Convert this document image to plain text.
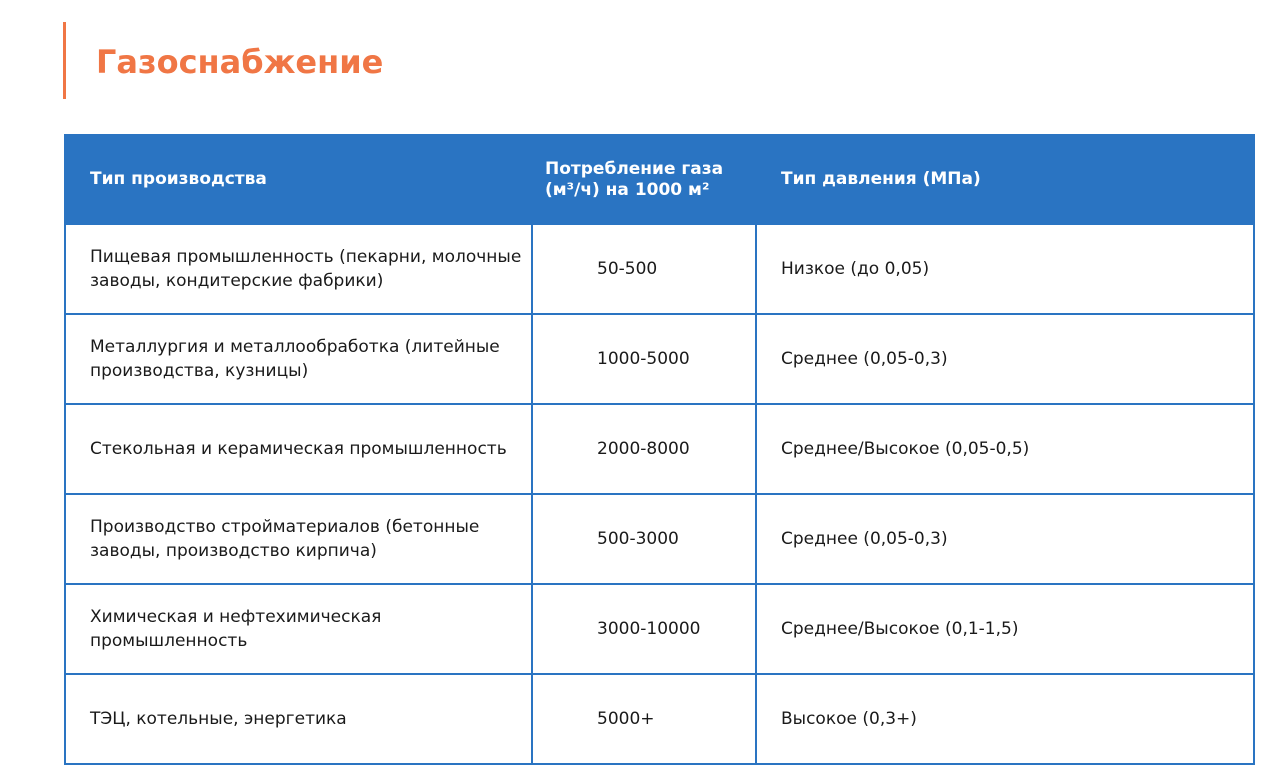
Газоснабжение
Тип производства	Потребление газа (м³/ч) на 1000 м²	Тип давления (МПа)
Пищевая промышленность (пекарни, молочные заводы, кондитерские фабрики)	50-500	Низкое (до 0,05)
Металлургия и металлообработка (литейные производства, кузницы)	1000-5000	Среднее (0,05-0,3)
Стекольная и керамическая промышленность	2000-8000	Среднее/Высокое (0,05-0,5)
Производство стройматериалов (бетонные заводы, производство кирпича)	500-3000	Среднее (0,05-0,3)
Химическая и нефтехимическая промышленность	3000-10000	Среднее/Высокое (0,1-1,5)
ТЭЦ, котельные, энергетика	5000+	Высокое (0,3+)
